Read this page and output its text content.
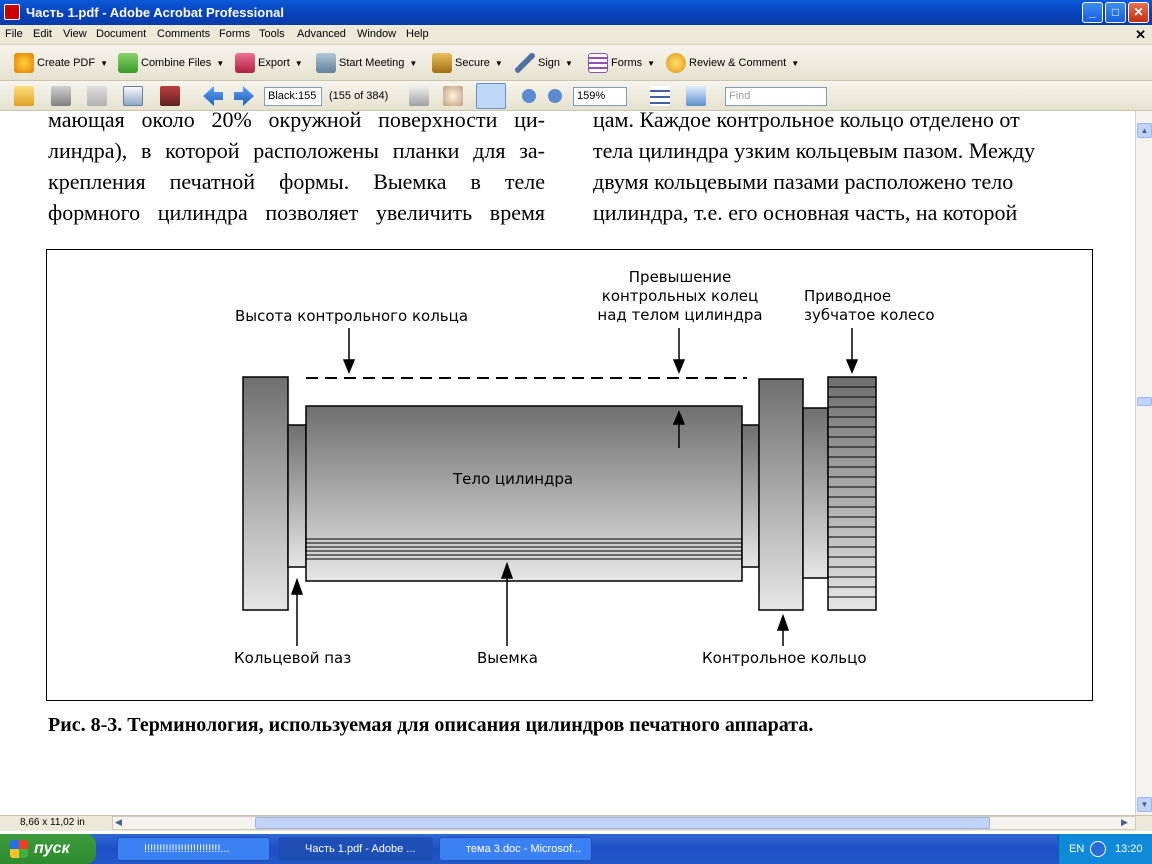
Часть 1.pdf - Adobe Acrobat Professional	_	□	✕
File Edit View Document Comments Forms Tools Advanced Window Help	✕
Create PDF ▼	Combine Files ▼	Export ▼	Start Meeting ▼	Secure ▼	Sign ▼	Forms ▼	Review & Comment ▼
Black:155	(155 of 384)	159%	Find
мающая около 20% окружной поверхности ци-
линдра), в которой расположены планки для за-
крепления печатной формы. Выемка в теле
формного цилиндра позволяет увеличить время
цам. Каждое контрольное кольцо отделено от
тела цилиндра узким кольцевым пазом. Между
двумя кольцевыми пазами расположено тело
цилиндра, т.е. его основная часть, на которой
Высота контрольного кольца
Превышение
контрольных колец
над телом цилиндра
Приводное
зубчатое колесо
Тело цилиндра
Кольцевой паз	Выемка	Контрольное кольцо
Рис. 8-3. Терминология, используемая для описания цилиндров печатного аппарата.
▲
▼
8,66 x 11,02 in	◀	▶
пуск	!!!!!!!!!!!!!!!!!!!!!!!!!...	Часть 1.pdf - Adobe ...	тема 3.doc - Microsof...	EN	13:20
